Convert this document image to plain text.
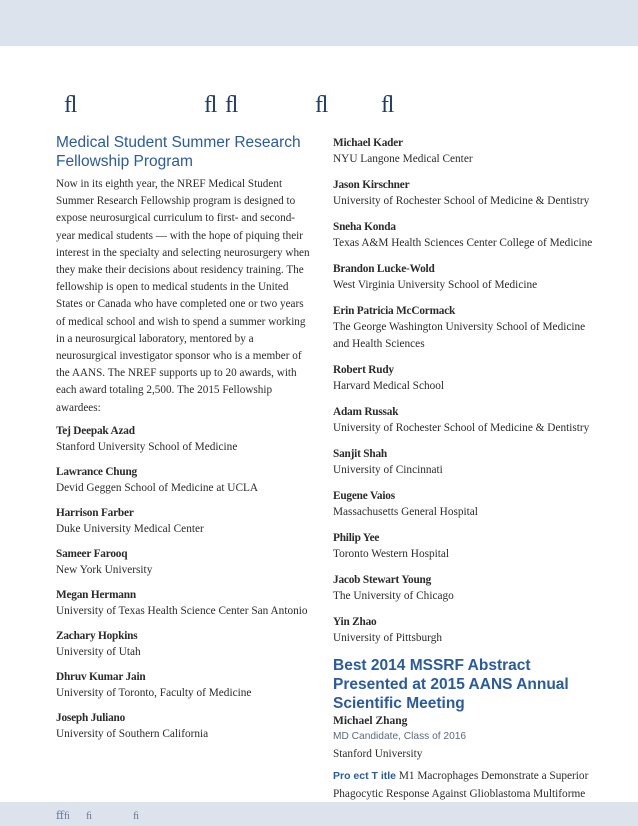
ﬂ	ﬂ ﬂ	ﬂ ﬂ
Medical Student Summer Research Fellowship Program

Now in its eighth year, the NREF Medical Student Summer Research Fellowship program is designed to expose neurosurgical curriculum to first- and second-year medical students — with the hope of piquing their interest in the specialty and selecting neurosurgery when they make their decisions about residency training. The fellowship is open to medical students in the United States or Canada who have completed one or two years of medical school and wish to spend a summer working in a neurosurgical laboratory, mentored by a neurosurgical investigator sponsor who is a member of the AANS. The NREF supports up to 20 awards, with each award totaling 2,500. The 2015 Fellowship awardees:

Tej Deepak Azad
Stanford University School of Medicine
Lawrance Chung
Devid Geggen School of Medicine at UCLA
Harrison Farber
Duke University Medical Center
Sameer Farooq
New York University
Megan Hermann
University of Texas Health Science Center San Antonio
Zachary Hopkins
University of Utah
Dhruv Kumar Jain
University of Toronto, Faculty of Medicine
Joseph Juliano
University of Southern California
Michael Kader
NYU Langone Medical Center
Jason Kirschner
University of Rochester School of Medicine & Dentistry
Sneha Konda
Texas A&M Health Sciences Center College of Medicine
Brandon Lucke-Wold
West Virginia University School of Medicine
Erin Patricia McCormack
The George Washington University School of Medicine and Health Sciences
Robert Rudy
Harvard Medical School
Adam Russak
University of Rochester School of Medicine & Dentistry
Sanjit Shah
University of Cincinnati
Eugene Vaios
Massachusetts General Hospital
Philip Yee
Toronto Western Hospital
Jacob Stewart Young
The University of Chicago
Yin Zhao
University of Pittsburgh
Best 2014 MSSRF Abstract Presented at 2015 AANS Annual Scientific Meeting
Michael Zhang
MD Candidate, Class of 2016
Stanford University
Pro ect T itle M1 Macrophages Demonstrate a Superior Phagocytic Response Against Glioblastoma Multiforme
ﬀﬁ ﬁ	ﬁ
